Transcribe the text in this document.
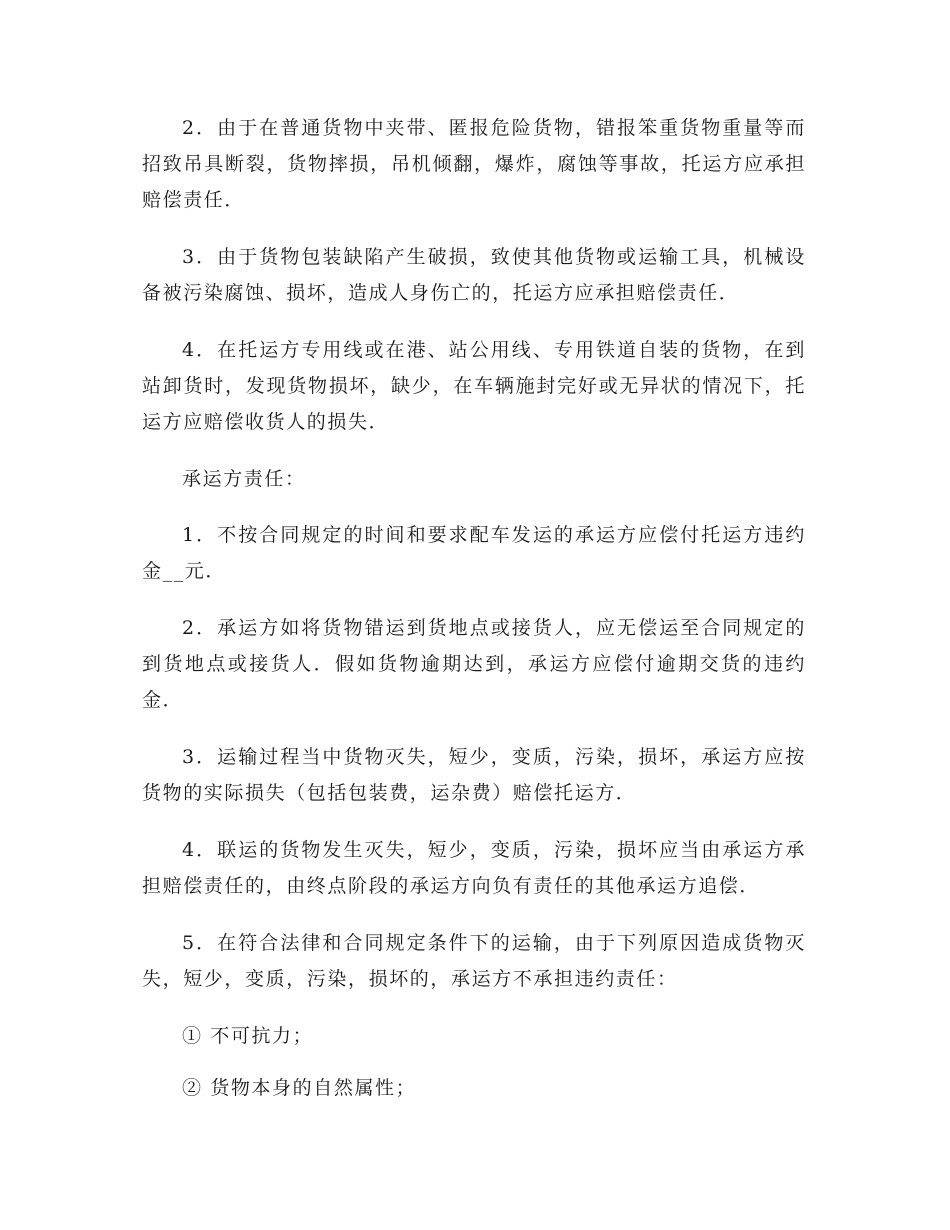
2．由于在普通货物中夹带、匿报危险货物，错报笨重货物重量等而招致吊具断裂，货物摔损，吊机倾翻，爆炸，腐蚀等事故，托运方应承担赔偿责任．

3．由于货物包装缺陷产生破损，致使其他货物或运输工具，机械设备被污染腐蚀、损坏，造成人身伤亡的，托运方应承担赔偿责任．

4．在托运方专用线或在港、站公用线、专用铁道自装的货物，在到站卸货时，发现货物损坏，缺少，在车辆施封完好或无异状的情况下，托运方应赔偿收货人的损失．

承运方责任：

1．不按合同规定的时间和要求配车发运的承运方应偿付托运方违约金__元．

2．承运方如将货物错运到货地点或接货人，应无偿运至合同规定的到货地点或接货人．假如货物逾期达到，承运方应偿付逾期交货的违约金．

3．运输过程当中货物灭失，短少，变质，污染，损坏，承运方应按货物的实际损失（包括包装费，运杂费）赔偿托运方．

4．联运的货物发生灭失，短少，变质，污染，损坏应当由承运方承担赔偿责任的，由终点阶段的承运方向负有责任的其他承运方追偿．

5．在符合法律和合同规定条件下的运输，由于下列原因造成货物灭失，短少，变质，污染，损坏的，承运方不承担违约责任：

① 不可抗力；

② 货物本身的自然属性；
